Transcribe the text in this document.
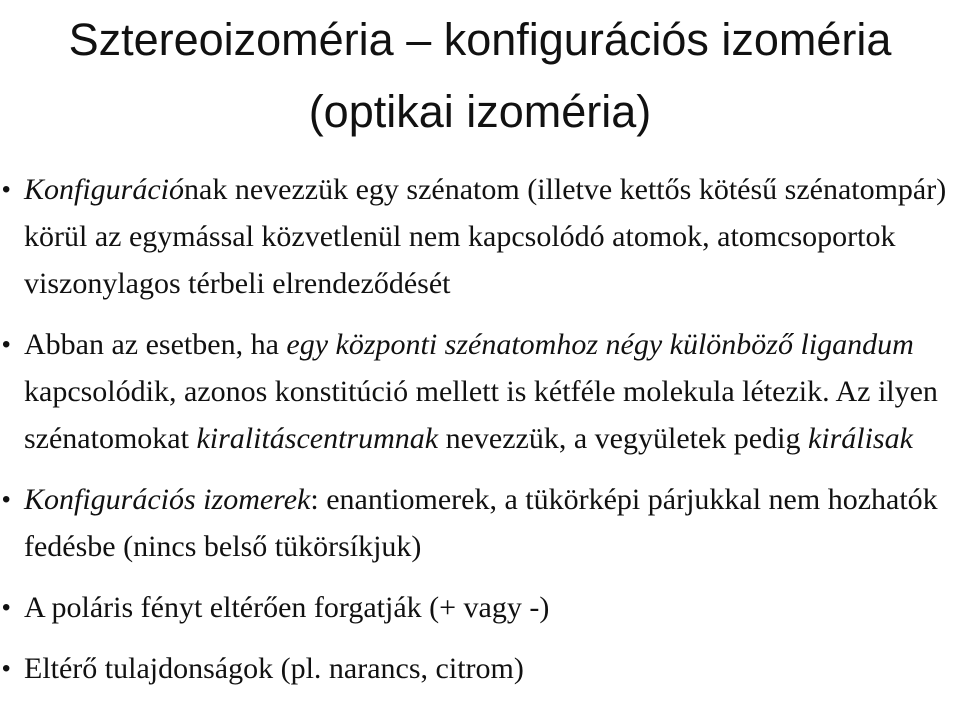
Sztereoizoméria – konfigurációs izoméria (optikai izoméria)
• Konfigurációnak nevezzük egy szénatom (illetve kettős kötésű szénatompár) körül az egymással közvetlenül nem kapcsolódó atomok, atomcsoportok viszonylagos térbeli elrendeződését
• Abban az esetben, ha egy központi szénatomhoz négy különböző ligandum kapcsolódik, azonos konstitúció mellett is kétféle molekula létezik. Az ilyen szénatomokat kiralitáscentrumnak nevezzük, a vegyületek pedig királisak
• Konfigurációs izomerek: enantiomerek, a tükörképi párjukkal nem hozhatók fedésbe (nincs belső tükörsíkjuk)
• A poláris fényt eltérően forgatják (+ vagy -)
• Eltérő tulajdonságok (pl. narancs, citrom)
